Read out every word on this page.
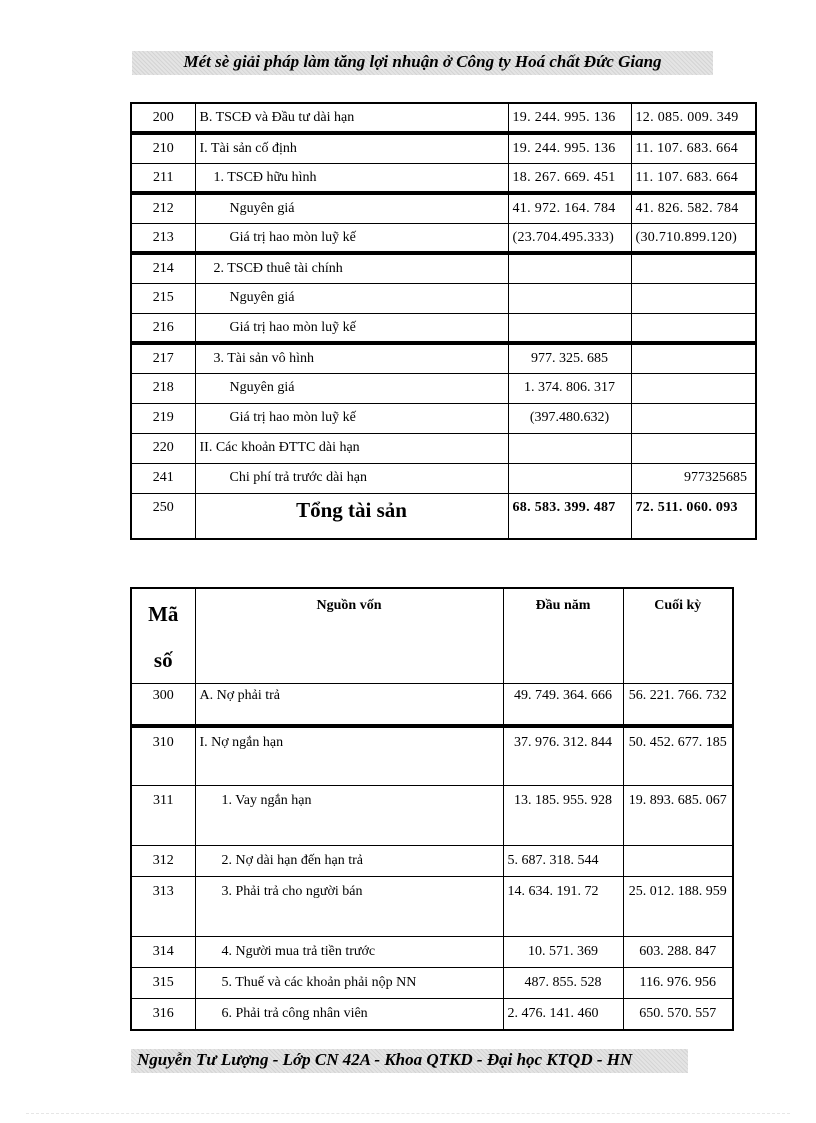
Mét sè giải pháp làm tăng lợi nhuận ở Công ty Hoá chất Đức Giang
200	B. TSCĐ và Đầu tư dài hạn	19. 244. 995. 136	12. 085. 009. 349
210	I. Tài sản cố định	19. 244. 995. 136	11. 107. 683. 664
211	1. TSCĐ hữu hình	18. 267. 669. 451	11. 107. 683. 664
212	Nguyên giá	41. 972. 164. 784	41. 826. 582. 784
213	Giá trị hao mòn luỹ kế	(23.704.495.333)	(30.710.899.120)
214	2. TSCĐ thuê tài chính		
215	Nguyên giá		
216	Giá trị hao mòn luỹ kế		
217	3. Tài sản vô hình	977. 325. 685	
218	Nguyên giá	1. 374. 806. 317	
219	Giá trị hao mòn luỹ kế	(397.480.632)	
220	II. Các khoản ĐTTC dài hạn		
241	Chi phí trả trước dài hạn		977325685
250	Tổng tài sản	68. 583. 399. 487	72. 511. 060. 093
Mã
số	Nguồn vốn	Đầu năm	Cuối kỳ
300	A. Nợ phải trả	49. 749. 364. 666	56. 221. 766. 732
310	I. Nợ ngắn hạn	37. 976. 312. 844	50. 452. 677. 185
311	1. Vay ngắn hạn	13. 185. 955. 928	19. 893. 685. 067
312	2. Nợ dài hạn đến hạn trả	5. 687. 318. 544	
313	3. Phải trả cho người bán	14. 634. 191. 72	25. 012. 188. 959
314	4. Người mua trả tiền trước	10. 571. 369	603. 288. 847
315	5. Thuế và các khoản phải nộp NN	487. 855. 528	116. 976. 956
316	6. Phải trả công nhân viên	2. 476. 141. 460	650. 570. 557
Nguyễn Tư Lượng - Lớp CN 42A - Khoa QTKD - Đại học KTQD - HN
